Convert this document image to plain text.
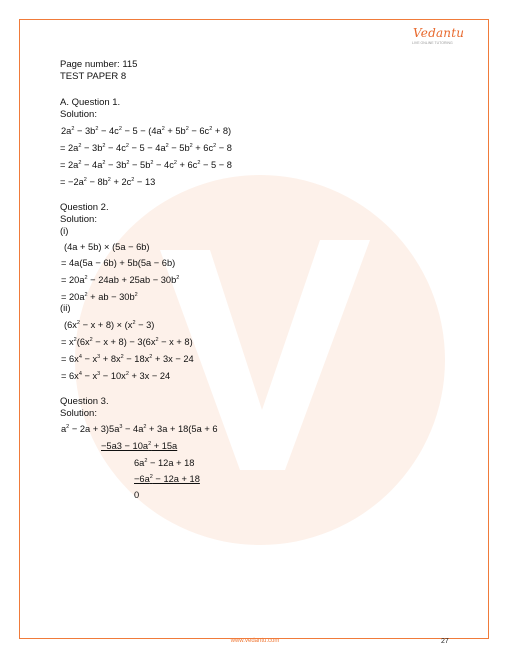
Vedantu
LIVE ONLINE TUTORING
Page number: 115
TEST PAPER 8
A. Question 1.
Solution:
$2a^2 - 3b^2 - 4c^2 - 5 - (4a^2 + 5b^2 - 6c^2 + 8)$
= $2a^2 - 3b^2 - 4c^2 - 5 - 4a^2 - 5b^2 + 6c^2 - 8$
= $2a^2 - 4a^2 - 3b^2 - 5b^2 - 4c^2 + 6c^2 - 5 - 8$
= $-2a^2 - 8b^2 + 2c^2 - 13$
Question 2.
Solution:
(i)
(4a + 5b) × (5a − 6b)
= 4a(5a − 6b) + 5b(5a − 6b)
= $20a^2 - 24ab + 25ab - 30b^2$
= $20a^2$ + ab − $30b^2$
(ii)
$(6x^2 - x + 8) \times (x^2 - 3)$
= $x^2(6x^2 - x + 8) - 3(6x^2 - x + 8)$
= $6x^4 - x^3 + 8x^2 - 18x^2 + 3x - 24$
= $6x^4 - x^3 - 10x^2 + 3x - 24$
Question 3.
Solution:
$a^2 - 2a + 3)5a^3 - 4a^2 + 3a + 18(5a + 6$
$-5a3 - 10a^2 + 15a$
$6a^2 - 12a + 18$
$-6a^2 - 12a + 18$
0
www.vedantu.com	27
